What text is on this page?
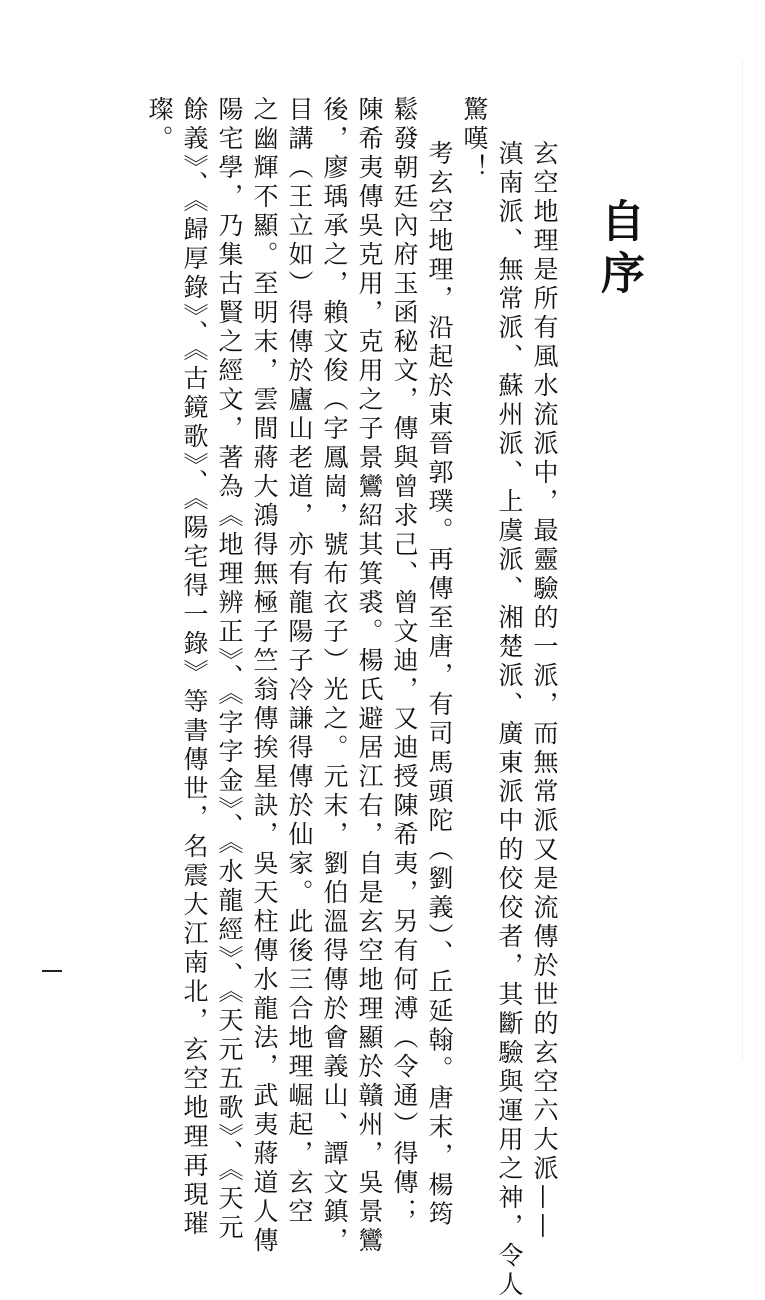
自序

玄空地理是所有風水流派中，最靈驗的一派，而無常派又是流傳於世的玄空六大派——

滇南派、無常派、蘇州派、上虞派、湘楚派、廣東派中的佼佼者，其斷驗與運用之神，令人

驚嘆！

考玄空地理，沿起於東晉郭璞。再傳至唐，有司馬頭陀（劉義）、丘延翰。唐末，楊筠

鬆發朝廷內府玉函秘文，傳與曾求己、曾文迪，又迪授陳希夷，另有何溥（令通）得傳；

陳希夷傳吳克用，克用之子景鸞紹其箕裘。楊氏避居江右，自是玄空地理顯於贛州，吳景鸞

後，廖瑀承之，賴文俊（字鳳崗，號布衣子）光之。元末，劉伯溫得傳於會義山、譚文鎮，

目講（王立如）得傳於廬山老道，亦有龍陽子冷謙得傳於仙家。此後三合地理崛起，玄空

之幽輝不顯。至明末，雲間蔣大鴻得無極子竺翁傳挨星訣，吳天柱傳水龍法，武夷蔣道人傳

陽宅學，乃集古賢之經文，著為《地理辨正》、《字字金》、《水龍經》、《天元五歌》、《天元

餘義》、《歸厚錄》、《古鏡歌》、《陽宅得一錄》等書傳世，名震大江南北，玄空地理再現璀

璨。
